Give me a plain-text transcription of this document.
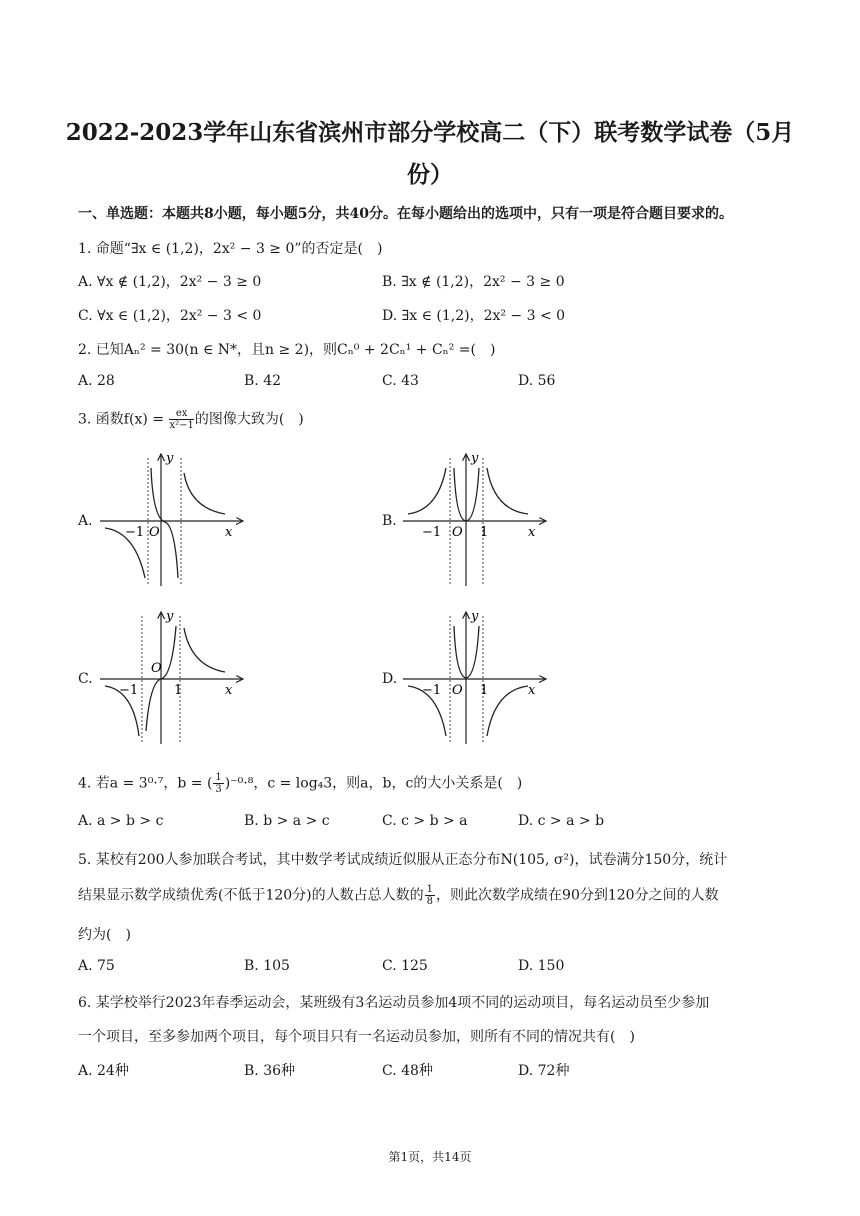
2022-2023学年山东省滨州市部分学校高二（下）联考数学试卷（5月份）
一、单选题：本题共8小题，每小题5分，共40分。在每小题给出的选项中，只有一项是符合题目要求的。
1. 命题“∃x ∈ (1,2)，2x² − 3 ≥ 0”的否定是(　)
A. ∀x ∉ (1,2)，2x² − 3 ≥ 0	B. ∃x ∉ (1,2)，2x² − 3 ≥ 0
C. ∀x ∈ (1,2)，2x² − 3 < 0	D. ∃x ∈ (1,2)，2x² − 3 < 0
2. 已知Aₙ² = 30(n ∈ N*，且n ≥ 2)，则Cₙ⁰ + 2Cₙ¹ + Cₙ² =(　)
A. 28	B. 42	C. 43	D. 56
3. 函数$f(x) = \frac{ex}{\text{x²−1}}$ 的图像大致为(　)
A.
y
x
O
−1
B.
y
x
O
−1	1
C.
y
x
O
−1	1
D.
y
x
O
−1	1
4. 若a = 3⁰·⁷，b = ( $\frac{1}{3} )^{-0}\cdot^8$，c = log₄3，则a，b，c的大小关系是(　)
A. a > b > c	B. b > a > c	C. c > b > a	D. c > a > b
5. 某校有200人参加联合考试，其中数学考试成绩近似服从正态分布N(105, σ²)，试卷满分150分，统计
结果显示数学成绩优秀(不低于120分)的人数占总人数的 $\frac{1}{8}$ ，则此次数学成绩在90分到120分之间的人数
约为(　)
A. 75	B. 105	C. 125	D. 150
6. 某学校举行2023年春季运动会，某班级有3名运动员参加4项不同的运动项目，每名运动员至少参加
一个项目，至多参加两个项目，每个项目只有一名运动员参加，则所有不同的情况共有(　)
A. 24种	B. 36种	C. 48种	D. 72种
第1页，共14页
